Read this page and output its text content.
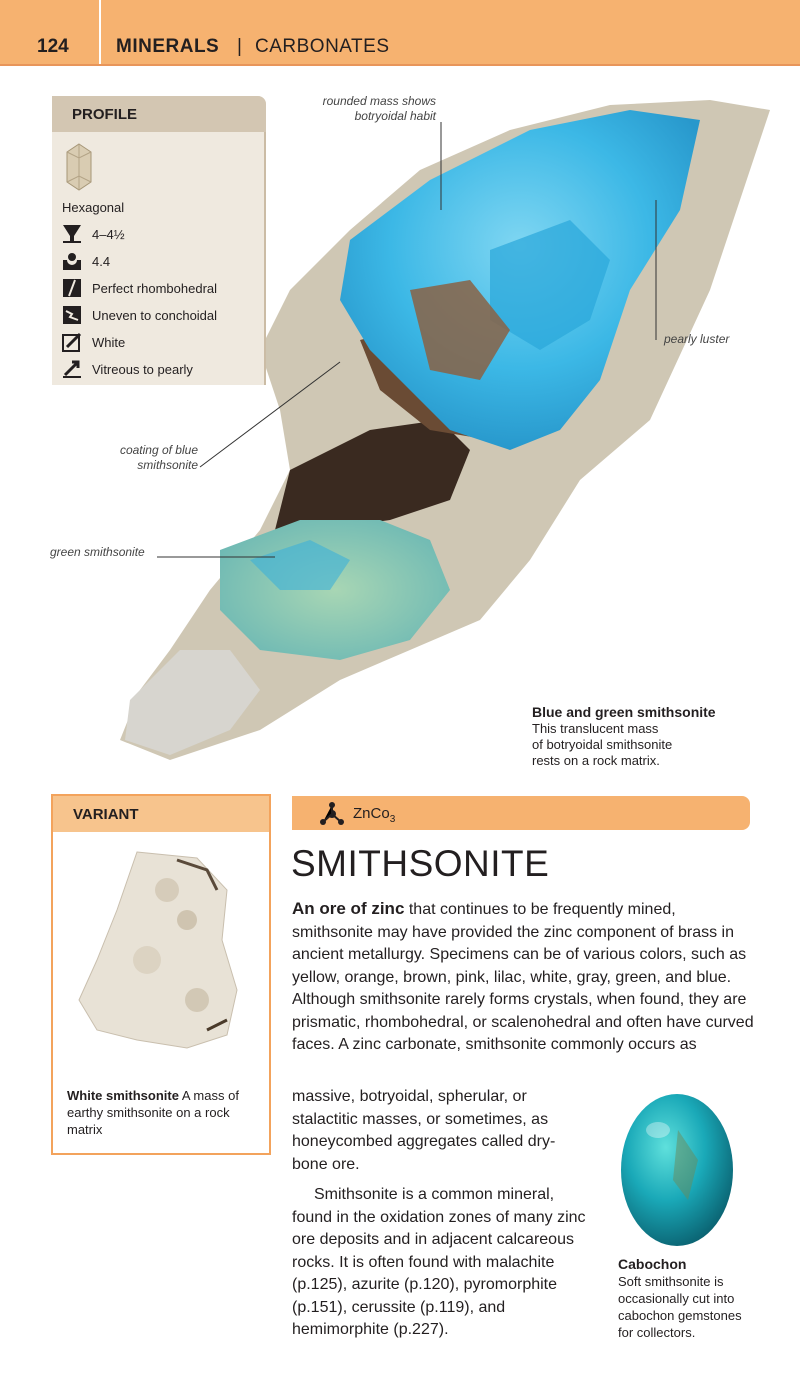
124 MINERALS | CARBONATES
rounded mass shows
botryoidal habit
pearly luster
coating of blue
smithsonite
green smithsonite
PROFILE
Hexagonal
4–4½
4.4
Perfect rhombohedral
Uneven to conchoidal
White
Vitreous to pearly
Blue and green smithsonite
This translucent mass
of botryoidal smithsonite
rests on a rock matrix.
VARIANT
White smithsonite A mass of earthy smithsonite on a rock matrix
ZnCo$_3$
SMITHSONITE
An ore of zinc that continues to be frequently mined, smithsonite may have provided the zinc component of brass in ancient metallurgy. Specimens can be of various colors, such as yellow, orange, brown, pink, lilac, white, gray, green, and blue. Although smithsonite rarely forms crystals, when found, they are prismatic, rhombohedral, or scalenohedral and often have curved faces. A zinc carbonate, smithsonite commonly occurs as
massive, botryoidal, spherular, or stalactitic masses, or sometimes, as honeycombed aggregates called dry-bone ore.
Smithsonite is a common mineral, found in the oxidation zones of many zinc ore deposits and in adjacent calcareous rocks. It is often found with malachite (p.125), azurite (p.120), pyromorphite (p.151), cerussite (p.119), and hemimorphite (p.227).
Cabochon
Soft smithsonite is
occasionally cut into
cabochon gemstones
for collectors.
